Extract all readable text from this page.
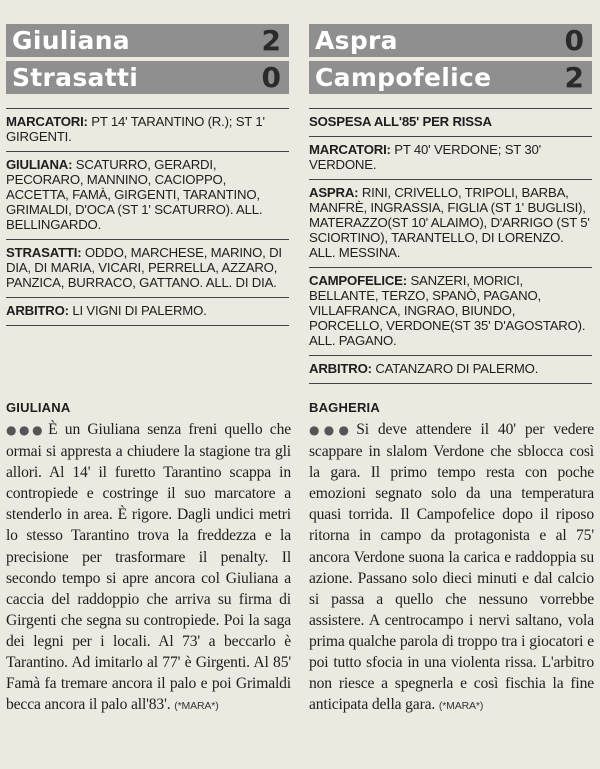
Giuliana	2
Strasatti	0
MARCATORI: PT 14' TARANTINO (R.); ST 1' GIRGENTI.
GIULIANA: SCATURRO, GERARDI, PECORARO, MANNINO, CACIOPPO, ACCETTA, FAMÀ, GIRGENTI, TARANTINO, GRIMALDI, D'OCA (ST 1' SCATURRO). ALL. BELLINGARDO.
STRASATTI: ODDO, MARCHESE, MARINO, DI DIA, DI MARIA, VICARI, PERRELLA, AZZARO, PANZICA, BURRACO, GATTANO. ALL. DI DIA.
ARBITRO: LI VIGNI DI PALERMO.
Aspra	0
Campofelice	2
SOSPESA ALL'85' PER RISSA
MARCATORI: PT 40' VERDONE; ST 30' VERDONE.
ASPRA: RINI, CRIVELLO, TRIPOLI, BARBA, MANFRÈ, INGRASSIA, FIGLIA (ST 1' BUGLISI), MATERAZZO(ST 10' ALAIMO), D'ARRIGO (ST 5' SCIORTINO), TARANTELLO, DI LORENZO. ALL. MESSINA.
CAMPOFELICE: SANZERI, MORICI, BELLANTE, TERZO, SPANÒ, PAGANO, VILLAFRANCA, INGRAO, BIUNDO, PORCELLO, VERDONE(ST 35' D'AGOSTARO). ALL. PAGANO.
ARBITRO: CATANZARO DI PALERMO.
GIULIANA
●●● È un Giuliana senza freni quello che ormai si appresta a chiudere la stagione tra gli allori. Al 14' il furetto Tarantino scappa in contropiede e costringe il suo marcatore a stenderlo in area. È rigore. Dagli undici metri lo stesso Tarantino trova la freddezza e la precisione per trasformare il penalty. Il secondo tempo si apre ancora col Giuliana a caccia del raddoppio che arriva su firma di Girgenti che segna su contropiede. Poi la saga dei legni per i locali. Al 73' a beccarlo è Tarantino. Ad imitarlo al 77' è Girgenti. Al 85' Famà fa tremare ancora il palo e poi Grimaldi becca ancora il palo all'83'. (*MARA*)
BAGHERIA
●●● Si deve attendere il 40' per vedere scappare in slalom Verdone che sblocca così la gara. Il primo tempo resta con poche emozioni segnato solo da una temperatura quasi torrida. Il Campofelice dopo il riposo ritorna in campo da protagonista e al 75' ancora Verdone suona la carica e raddoppia su azione. Passano solo dieci minuti e dal calcio si passa a quello che nessuno vorrebbe assistere. A centrocampo i nervi saltano, vola prima qualche parola di troppo tra i giocatori e poi tutto sfocia in una violenta rissa. L'arbitro non riesce a spegnerla e così fischia la fine anticipata della gara. (*MARA*)
